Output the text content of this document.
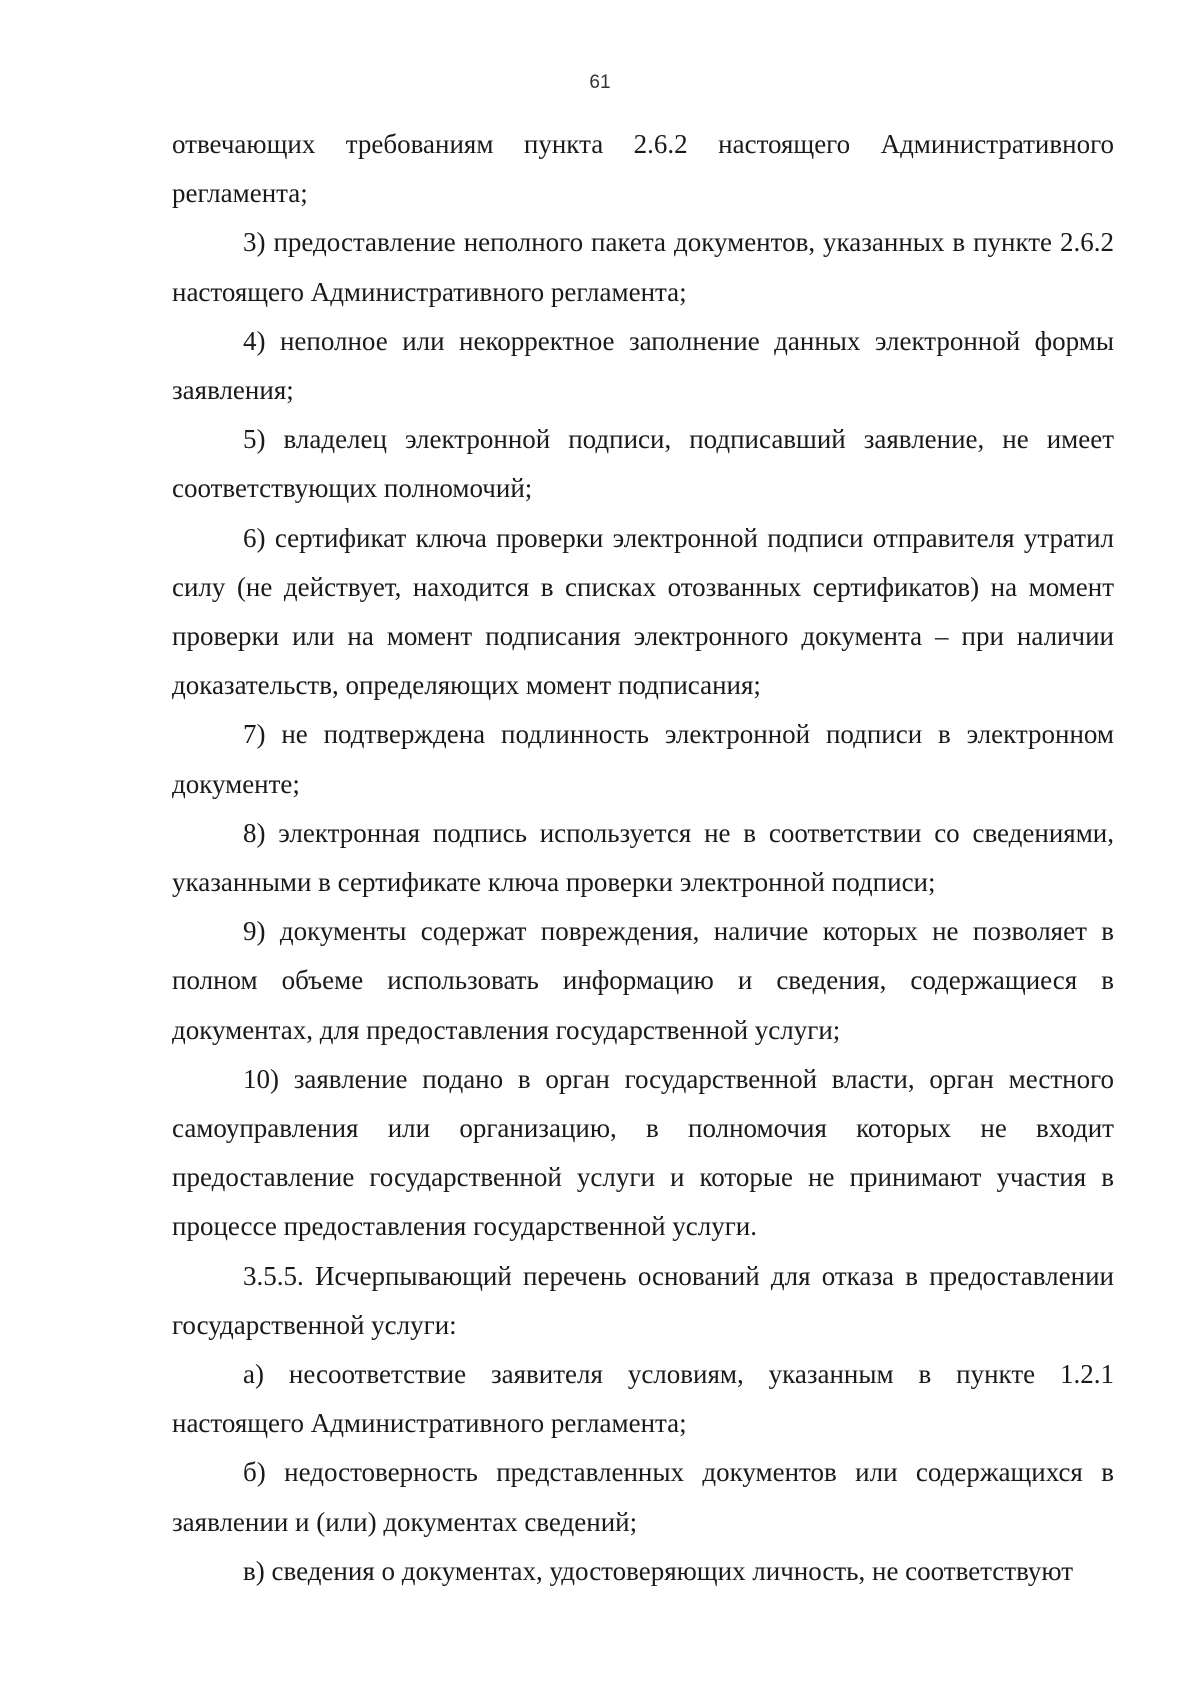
61

отвечающих требованиям пункта 2.6.2 настоящего Административного регламента;

3) предоставление неполного пакета документов, указанных в пункте 2.6.2 настоящего Административного регламента;

4) неполное или некорректное заполнение данных электронной формы заявления;

5) владелец электронной подписи, подписавший заявление, не имеет соответствующих полномочий;

6) сертификат ключа проверки электронной подписи отправителя утратил силу (не действует, находится в списках отозванных сертификатов) на момент проверки или на момент подписания электронного документа – при наличии доказательств, определяющих момент подписания;

7) не подтверждена подлинность электронной подписи в электронном документе;

8) электронная подпись используется не в соответствии со сведениями, указанными в сертификате ключа проверки электронной подписи;

9) документы содержат повреждения, наличие которых не позволяет в полном объеме использовать информацию и сведения, содержащиеся в документах, для предоставления государственной услуги;

10) заявление подано в орган государственной власти, орган местного самоуправления или организацию, в полномочия которых не входит предоставление государственной услуги и которые не принимают участия в процессе предоставления государственной услуги.

3.5.5. Исчерпывающий перечень оснований для отказа в предоставлении государственной услуги:

а) несоответствие заявителя условиям, указанным в пункте 1.2.1 настоящего Административного регламента;

б) недостоверность представленных документов или содержащихся в заявлении и (или) документах сведений;

в) сведения о документах, удостоверяющих личность, не соответствуют
